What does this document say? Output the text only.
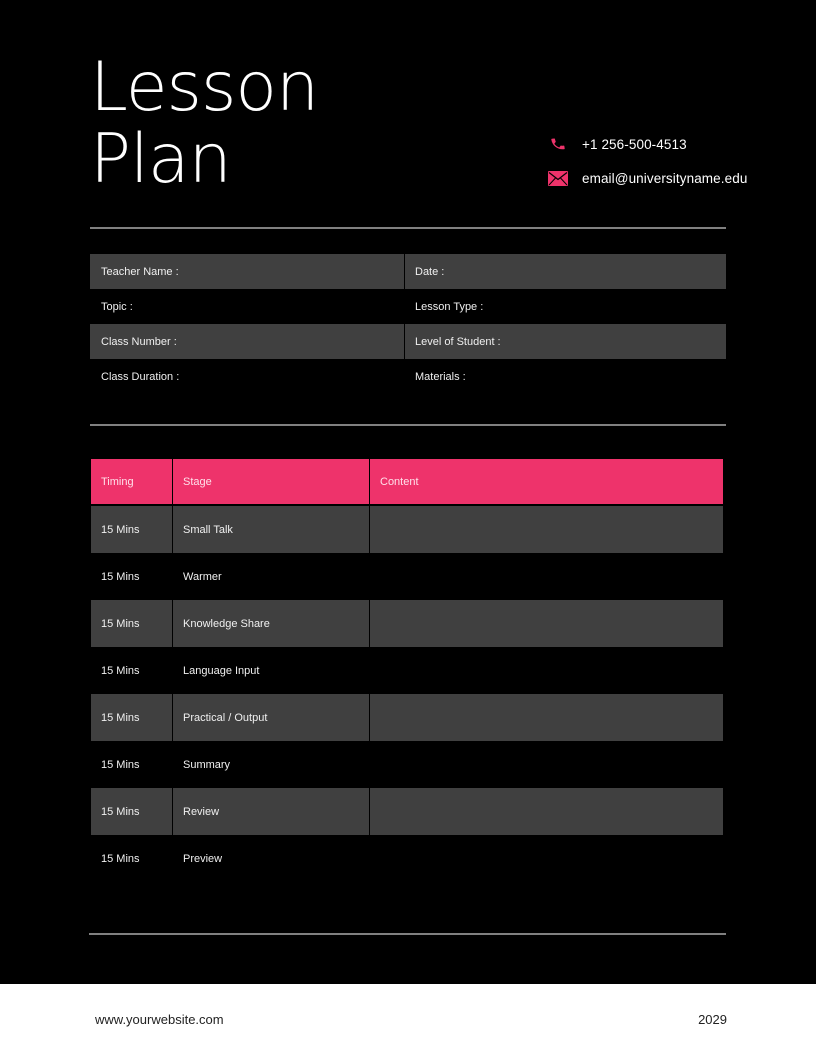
Lesson
Plan	+1 256-500-4513
email@universityname.edu
Teacher Name :	Date :
Topic :	Lesson Type :
Class Number :	Level of Student :
Class Duration :	Materials :
Timing	Stage	Content
15 Mins	Small Talk
15 Mins	Warmer
15 Mins	Knowledge Share
15 Mins	Language Input
15 Mins	Practical / Output
15 Mins	Summary
15 Mins	Review
15 Mins	Preview
www.yourwebsite.com	2029
